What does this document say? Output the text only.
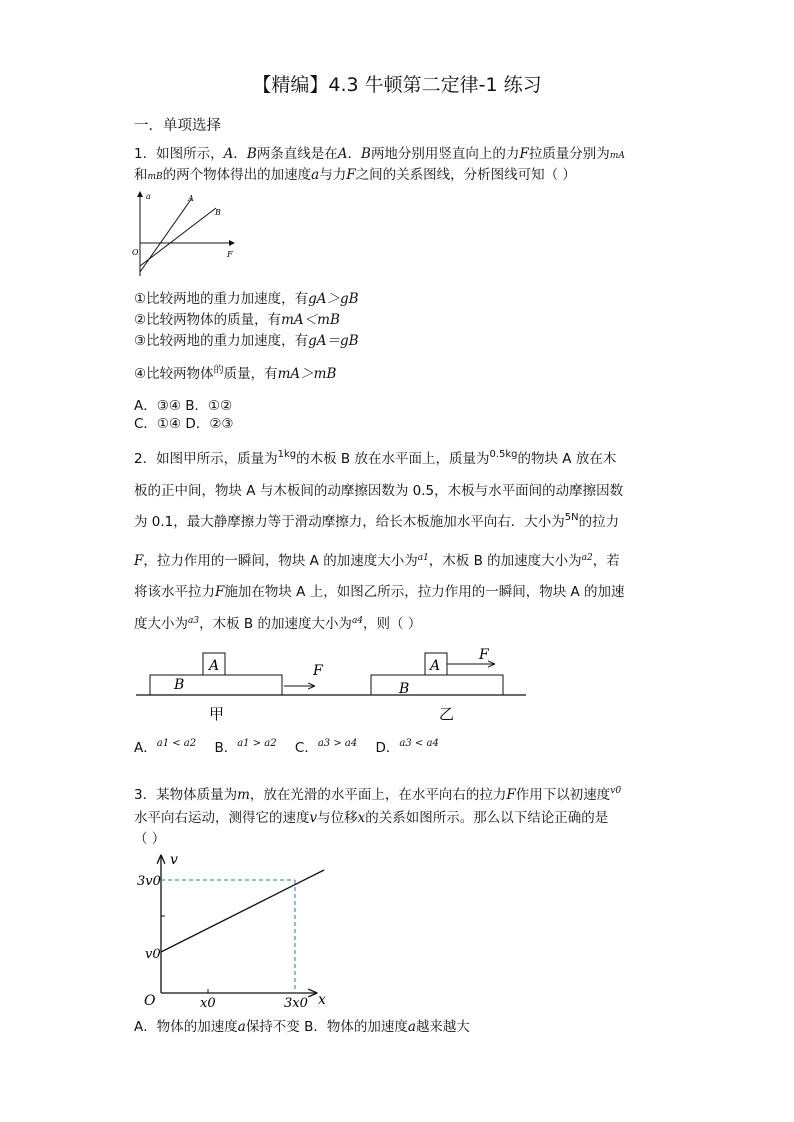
【精编】4.3 牛顿第二定律-1 练习
一．单项选择
1．如图所示，A．B两条直线是在A．B两地分别用竖直向上的力F拉质量分别为mA
和mB的两个物体得出的加速度a与力F之间的关系图线，分析图线可知（ ）
a
F
O
A
B
①比较两地的重力加速度，有gA＞gB
②比较两物体的质量，有mA＜mB
③比较两地的重力加速度，有gA＝gB
④比较两物体$^的$质量，有mA＞mB
A．③④ B．①②
C．①④ D．②③
2．如图甲所示，质量为$^{1kg}$的木板 B 放在水平面上，质量为$^{0.5kg}$的物块 A 放在木
板的正中间，物块 A 与木板间的动摩擦因数为 0.5，木板与水平面间的动摩擦因数
为 0.1，最大静摩擦力等于滑动摩擦力，给长木板施加水平向右．大小为$^{5N}$的拉力
F，拉力作用的一瞬间，物块 A 的加速度大小为$^{a1}$，木板 B 的加速度大小为$^{a2}$，若
将该水平拉力F施加在物块 A 上，如图乙所示，拉力作用的一瞬间，物块 A 的加速
度大小为$^{a3}$，木板 B 的加速度大小为$^{a4}$，则（ ）
A
B
F	A
B
F
甲	乙
A．$^{a1 < a2}$ B．$^{a1 > a2}$ C．$^{a3 > a4}$ D．$^{a3 < a4}$
3．某物体质量为m，放在光滑的水平面上，在水平向右的拉力F作用下以初速度$^{v0}$
水平向右运动，测得它的速度v与位移x的关系如图所示。那么以下结论正确的是
（ ）
v
x
O
3v0
v0
x0	3x0
A．物体的加速度a保持不变 B．物体的加速度a越来越大
